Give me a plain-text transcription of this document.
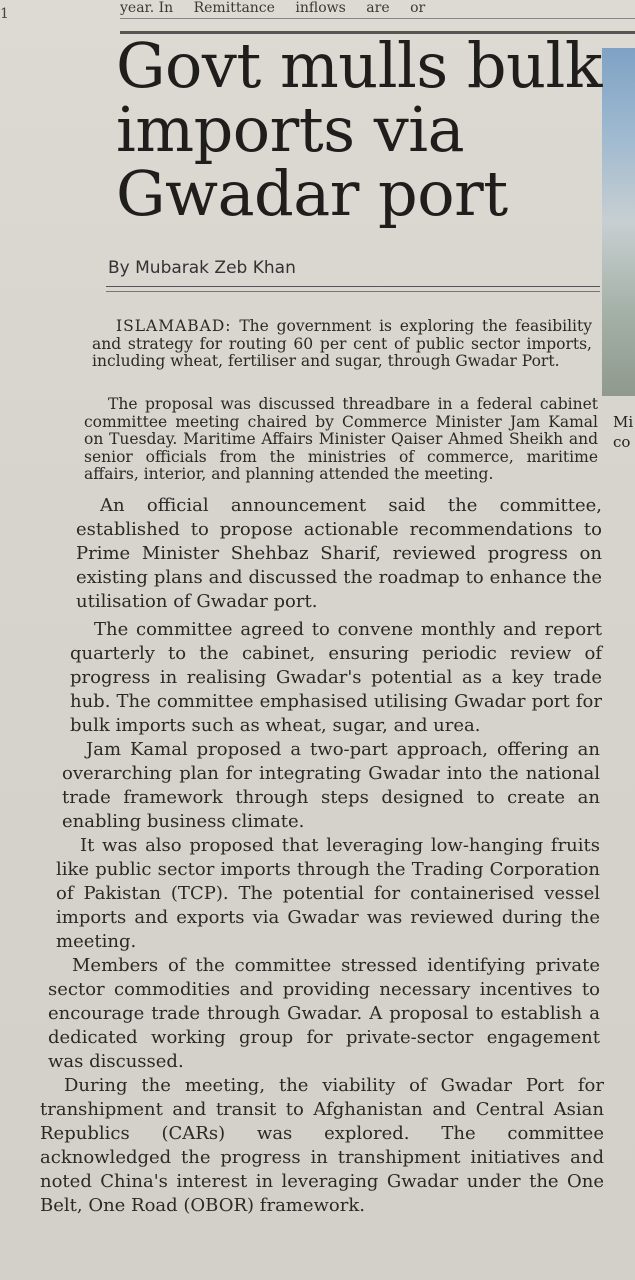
1	year. In Remittance inflows are or
Mi
co
Govt mulls bulk imports via Gwadar port
By Mubarak Zeb Khan

ISLAMABAD: The government is exploring the feasibility and strategy for routing 60 per cent of public sector imports, including wheat, fertiliser and sugar, through Gwadar Port.

The proposal was discussed threadbare in a federal cabinet committee meeting chaired by Commerce Minister Jam Kamal on Tuesday. Maritime Affairs Minister Qaiser Ahmed Sheikh and senior officials from the ministries of commerce, maritime affairs, interior, and planning attended the meeting.

An official announcement said the committee, established to propose actionable recommendations to Prime Minister Shehbaz Sharif, reviewed progress on existing plans and discussed the roadmap to enhance the utilisation of Gwadar port.

The committee agreed to convene monthly and report quarterly to the cabinet, ensuring periodic review of progress in realising Gwadar's potential as a key trade hub. The committee emphasised utilising Gwadar port for bulk imports such as wheat, sugar, and urea.

Jam Kamal proposed a two-part approach, offering an overarching plan for integrating Gwadar into the national trade framework through steps designed to create an enabling business climate.

It was also proposed that leveraging low-hanging fruits like public sector imports through the Trading Corporation of Pakistan (TCP). The potential for containerised vessel imports and exports via Gwadar was reviewed during the meeting.

Members of the committee stressed identifying private sector commodities and providing necessary incentives to encourage trade through Gwadar. A proposal to establish a dedicated working group for private-sector engagement was discussed.

During the meeting, the viability of Gwadar Port for transhipment and transit to Afghanistan and Central Asian Republics (CARs) was explored. The committee acknowledged the progress in transhipment initiatives and noted China's interest in leveraging Gwadar under the One Belt, One Road (OBOR) framework.
